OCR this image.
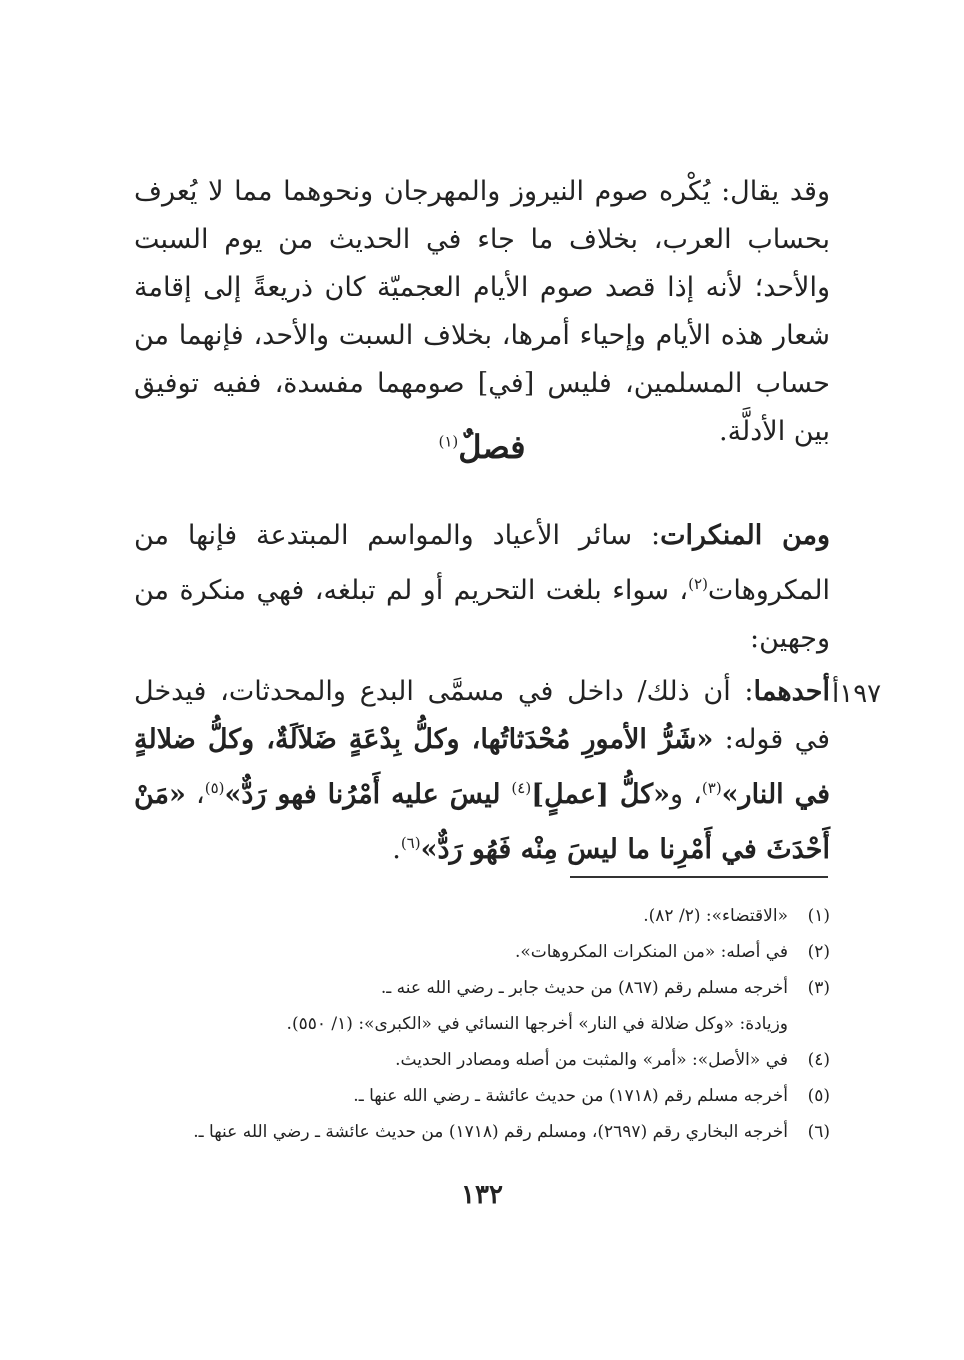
وقد يقال: يُكْره صوم النيروز والمهرجان ونحوهما مما لا يُعرف بحساب العرب، بخلاف ما جاء في الحديث من يوم السبت والأحد؛ لأنه إذا قصد صوم الأيام العجميّة كان ذريعةً إلى إقامة شعار هذه الأيام وإحياء أمرها، بخلاف السبت والأحد، فإنهما من حساب المسلمين، فليس [في] صومهما مفسدة، ففيه توفيق بين الأدلَّة.

فصلٌ$^{(١)}$

ومن المنكرات: سائر الأعياد والمواسم المبتدعة فإنها من المكروهات$^{(٢)}$، سواء بلغت التحريم أو لم تبلغه، فهي منكرة من وجهين:

١٩٧أ

أحدهما: أن ذلك/ داخل في مسمَّى البدع والمحدثات، فيدخل في قوله: «شَرُّ الأمورِ مُحْدَثاتُها، وكلُّ بِدْعَةٍ ضَلاَلَةٌ، وكلُّ ضلالةٍ في النار»$^{(٣)}$، و«كلُّ [عملٍ]$^{(٤)}$ ليسَ عليه أَمْرُنا فهو رَدٌّ»$^{(٥)}$، «مَنْ أَحْدَثَ في أَمْرِنا ما ليسَ مِنْه فَهُو رَدٌّ»$^{(٦)}$.

(١)
«الاقتضاء»: (٢/ ٨٢).
(٢)
في أصله: «من المنكرات المكروهات».
(٣)
أخرجه مسلم رقم (٨٦٧) من حديث جابر ـ رضي الله عنه ـ.
وزيادة: «وكل ضلالة في النار» أخرجها النسائي في «الكبرى»: (١/ ٥٥٠).
(٤)
في «الأصل»: «أمر» والمثبت من أصله ومصادر الحديث.
(٥)
أخرجه مسلم رقم (١٧١٨) من حديث عائشة ـ رضي الله عنها ـ.
(٦)
أخرجه البخاري رقم (٢٦٩٧)، ومسلم رقم (١٧١٨) من حديث عائشة ـ رضي الله عنها ـ.
١٣٢
